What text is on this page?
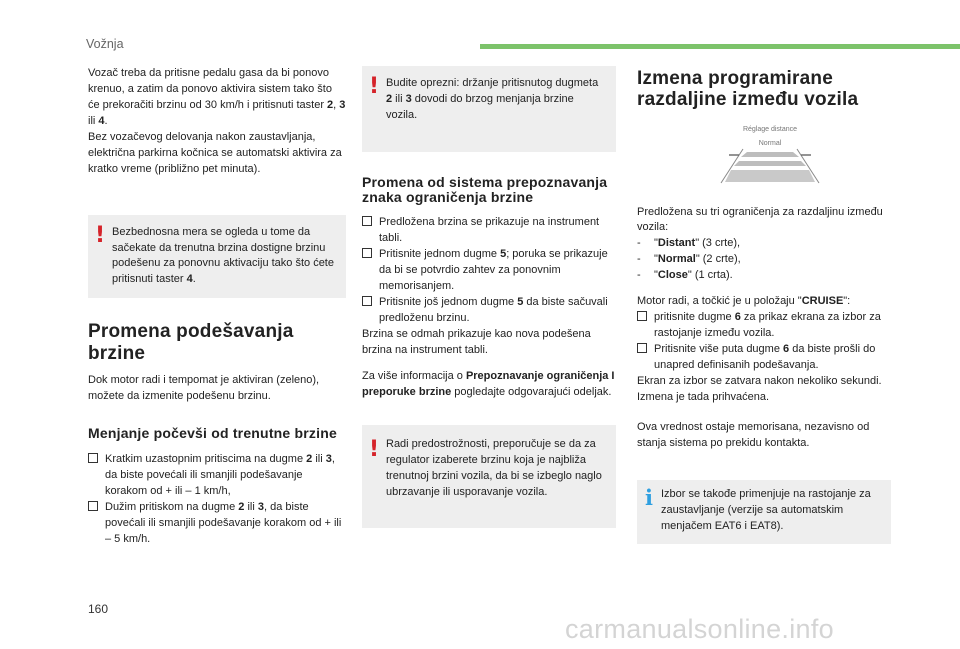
Vožnja

Vozač treba da pritisne pedalu gasa da bi ponovo krenuo, a zatim da ponovo aktivira sistem tako što će prekoračiti brzinu od 30 km/h i pritisnuti taster 2, 3 ili 4.

Bez vozačevog delovanja nakon zaustavljanja, električna parkirna kočnica se automatski aktivira za kratko vreme (približno pet minuta).

! Bezbednosna mera se ogleda u tome da sačekate da trenutna brzina dostigne brzinu podešenu za ponovnu aktivaciju tako što ćete pritisnuti taster 4.
Promena podešavanja brzine

Dok motor radi i tempomat je aktiviran (zeleno), možete da izmenite podešenu brzinu.

Menjanje počevši od trenutne brzine
Kratkim uzastopnim pritiscima na dugme 2 ili 3, da biste povećali ili smanjili podešavanje korakom od + ili – 1 km/h,
Dužim pritiskom na dugme 2 ili 3, da biste povećali ili smanjili podešavanje korakom od + ili – 5 km/h.
! Budite oprezni: držanje pritisnutog dugmeta 2 ili 3 dovodi do brzog menjanja brzine vozila.
Promena od sistema prepoznavanja znaka ograničenja brzine
Predložena brzina se prikazuje na instrument tabli.
Pritisnite jednom dugme 5; poruka se prikazuje da bi se potvrdio zahtev za ponovnim memorisanjem.
Pritisnite još jednom dugme 5 da biste sačuvali predloženu brzinu.

Brzina se odmah prikazuje kao nova podešena brzina na instrument tabli.

Za više informacija o Prepoznavanje ograničenja I preporuke brzine pogledajte odgovarajući odeljak.

! Radi predostrožnosti, preporučuje se da za regulator izaberete brzinu koja je najbliža trenutnoj brzini vozila, da bi se izbeglo naglo ubrzavanje ili usporavanje vozila.
Izmena programirane razdaljine između vozila
Réglage distance
Normal

Predložena su tri ograničenja za razdaljinu između vozila:

- "Distant" (3 crte),
- "Normal" (2 crte),
- "Close" (1 crta).

Motor radi, a točkić je u položaju "CRUISE":

pritisnite dugme 6 za prikaz ekrana za izbor za rastojanje između vozila.
Pritisnite više puta dugme 6 da biste prošli do unapred definisanih podešavanja.

Ekran za izbor se zatvara nakon nekoliko sekundi.

Izmena je tada prihvaćena.

Ova vrednost ostaje memorisana, nezavisno od stanja sistema po prekidu kontakta.

i Izbor se takođe primenjuje na rastojanje za zaustavljanje (verzije sa automatskim menjačem EAT6 i EAT8).
160
carmanualsonline.info
